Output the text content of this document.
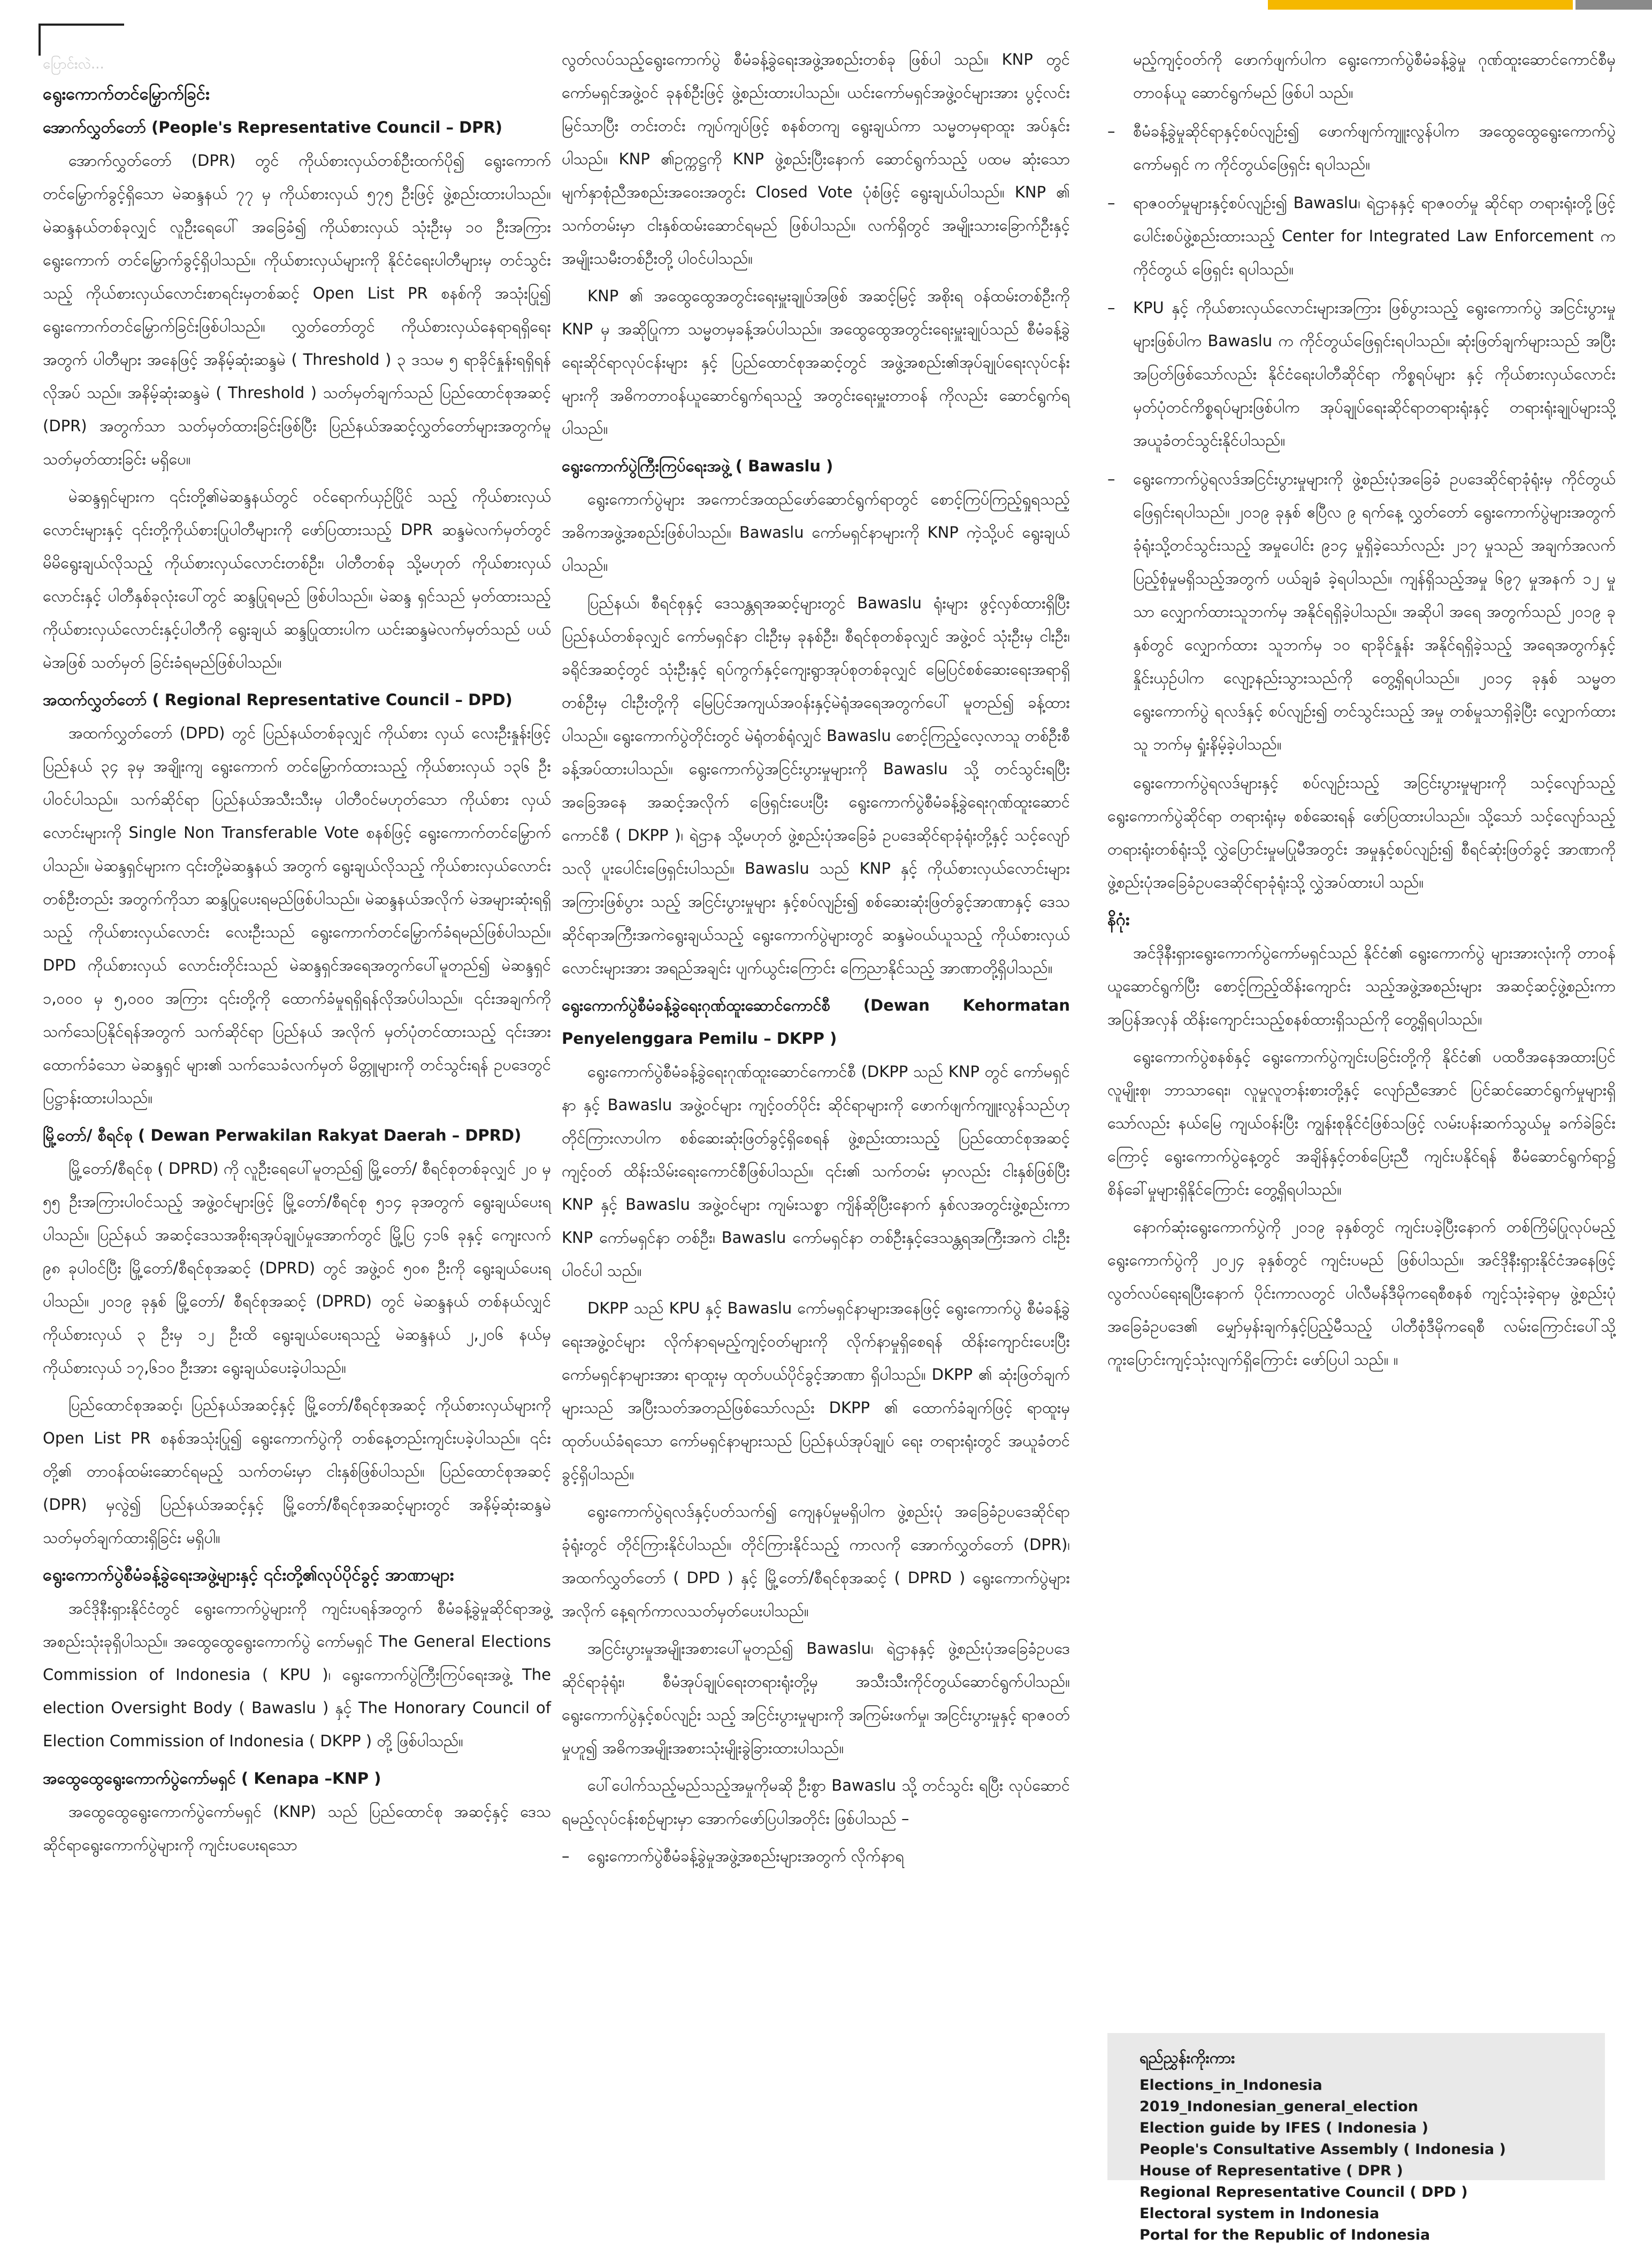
ပြောင်းလဲ...
ရွေးကောက်တင်မြှောက်ခြင်း
အောက်လွှတ်တော် (People's Representative Council – DPR)

အောက်လွှတ်တော် (DPR) တွင် ကိုယ်စားလှယ်တစ်ဦးထက်ပို၍ ရွေးကောက် တင်မြှောက်ခွင့်ရှိသော မဲဆန္ဒနယ် ၇၇ မှ ကိုယ်စားလှယ် ၅၇၅ ဦးဖြင့် ဖွဲ့စည်းထားပါသည်။ မဲဆန္ဒနယ်တစ်ခုလျှင် လူဦးရေပေါ် အခြေခံ၍ ကိုယ်စားလှယ် သုံးဦးမှ ၁၀ ဦးအကြား ရွေးကောက် တင်မြှောက်ခွင့်ရှိပါသည်။ ကိုယ်စားလှယ်များကို နိုင်ငံရေးပါတီများမှ တင်သွင်းသည့် ကိုယ်စားလှယ်လောင်းစာရင်းမှတစ်ဆင့် Open List PR စနစ်ကို အသုံးပြု၍ ရွေးကောက်တင်မြှောက်ခြင်းဖြစ်ပါသည်။ လွှတ်တော်တွင် ကိုယ်စားလှယ်နေရာရရှိရေးအတွက် ပါတီများ အနေဖြင့် အနိမ့်ဆုံးဆန္ဒမဲ ( Threshold ) ၃ ဒသမ ၅ ရာခိုင်နှုန်းရရှိရန် လိုအပ် သည်။ အနိမ့်ဆုံးဆန္ဒမဲ ( Threshold ) သတ်မှတ်ချက်သည် ပြည်ထောင်စုအဆင့် (DPR) အတွက်သာ သတ်မှတ်ထားခြင်းဖြစ်ပြီး ပြည်နယ်အဆင့်လွှတ်တော်များအတွက်မူ သတ်မှတ်ထားခြင်း မရှိပေ။

မဲဆန္ဒရှင်များက ၎င်းတို့၏မဲဆန္ဒနယ်တွင် ဝင်ရောက်ယှဉ်ပြိုင် သည့် ကိုယ်စားလှယ်လောင်းများနှင့် ၎င်းတို့ကိုယ်စားပြုပါတီများကို ဖော်ပြထားသည့် DPR ဆန္ဒမဲလက်မှတ်တွင် မိမိရွေးချယ်လိုသည့် ကိုယ်စားလှယ်လောင်းတစ်ဦး၊ ပါတီတစ်ခု သို့မဟုတ် ကိုယ်စားလှယ် လောင်းနှင့် ပါတီနှစ်ခုလုံးပေါ်တွင် ဆန္ဒပြုရမည် ဖြစ်ပါသည်။ မဲဆန္ဒ ရှင်သည် မှတ်ထားသည့် ကိုယ်စားလှယ်လောင်းနှင့်ပါတီကို ရွေးချယ် ဆန္ဒပြုထားပါက ယင်းဆန္ဒမဲလက်မှတ်သည် ပယ်မဲအဖြစ် သတ်မှတ် ခြင်းခံရမည်ဖြစ်ပါသည်။

အထက်လွှတ်တော် ( Regional Representative Council – DPD)

အထက်လွှတ်တော် (DPD) တွင် ပြည်နယ်တစ်ခုလျှင် ကိုယ်စား လှယ် လေးဦးနှုန်းဖြင့် ပြည်နယ် ၃၄ ခုမှ အချိုးကျ ရွေးကောက် တင်မြှောက်ထားသည့် ကိုယ်စားလှယ် ၁၃၆ ဦး ပါဝင်ပါသည်။ သက်ဆိုင်ရာ ပြည်နယ်အသီးသီးမှ ပါတီဝင်မဟုတ်သော ကိုယ်စား လှယ်လောင်းများကို Single Non Transferable Vote စနစ်ဖြင့် ရွေးကောက်တင်မြှောက်ပါသည်။ မဲဆန္ဒရှင်များက ၎င်းတို့မဲဆန္ဒနယ် အတွက် ရွေးချယ်လိုသည့် ကိုယ်စားလှယ်လောင်းတစ်ဦးတည်း အတွက်ကိုသာ ဆန္ဒပြုပေးရမည်ဖြစ်ပါသည်။ မဲဆန္ဒနယ်အလိုက် မဲအများဆုံးရရှိသည့် ကိုယ်စားလှယ်လောင်း လေးဦးသည် ရွေးကောက်တင်မြှောက်ခံရမည်ဖြစ်ပါသည်။ DPD ကိုယ်စားလှယ် လောင်းတိုင်းသည် မဲဆန္ဒရှင်အရေအတွက်ပေါ်မူတည်၍ မဲဆန္ဒရှင် ၁,၀၀၀ မှ ၅,၀၀၀ အကြား ၎င်းတို့ကို ထောက်ခံမှုရရှိရန်လိုအပ်ပါသည်။ ၎င်းအချက်ကို သက်သေပြနိုင်ရန်အတွက် သက်ဆိုင်ရာ ပြည်နယ် အလိုက် မှတ်ပုံတင်ထားသည့် ၎င်းအားထောက်ခံသော မဲဆန္ဒရှင် များ၏ သက်သေခံလက်မှတ် မိတ္တူများကို တင်သွင်းရန် ဥပဒေတွင် ပြဋ္ဌာန်းထားပါသည်။

မြို့တော်/ စီရင်စု ( Dewan Perwakilan Rakyat Daerah – DPRD)

မြို့တော်/စီရင်စု ( DPRD) ကို လူဦးရေပေါ်မူတည်၍ မြို့တော်/ စီရင်စုတစ်ခုလျှင် ၂၀ မှ ၅၅ ဦးအကြားပါဝင်သည့် အဖွဲ့ဝင်များဖြင့် မြို့တော်/စီရင်စု ၅၁၄ ခုအတွက် ရွေးချယ်ပေးရပါသည်။ ပြည်နယ် အဆင့်ဒေသအစိုးရအုပ်ချုပ်မှုအောက်တွင် မြို့ပြ ၄၁၆ ခုနှင့် ကျေးလက် ၉၈ ခုပါဝင်ပြီး မြို့တော်/စီရင်စုအဆင့် (DPRD) တွင် အဖွဲ့ဝင် ၅၀၈ ဦးကို ရွေးချယ်ပေးရပါသည်။ ၂၀၁၉ ခုနှစ် မြို့တော်/ စီရင်စုအဆင့် (DPRD) တွင် မဲဆန္ဒနယ် တစ်နယ်လျှင် ကိုယ်စားလှယ် ၃ ဦးမှ ၁၂ ဦးထိ ရွေးချယ်ပေးရသည့် မဲဆန္ဒနယ် ၂,၂၀၆ နယ်မှ ကိုယ်စားလှယ် ၁၇,၆၁၀ ဦးအား ရွေးချယ်ပေးခဲ့ပါသည်။

ပြည်ထောင်စုအဆင့်၊ ပြည်နယ်အဆင့်နှင့် မြို့တော်/စီရင်စုအဆင့် ကိုယ်စားလှယ်များကို Open List PR စနစ်အသုံးပြု၍ ရွေးကောက်ပွဲကို တစ်နေ့တည်းကျင်းပခဲ့ပါသည်။ ၎င်းတို့၏ တာဝန်ထမ်းဆောင်ရမည့် သက်တမ်းမှာ ငါးနှစ်ဖြစ်ပါသည်။ ပြည်ထောင်စုအဆင့် (DPR) မှလွဲ၍ ပြည်နယ်အဆင့်နှင့် မြို့တော်/စီရင်စုအဆင့်များတွင် အနိမ့်ဆုံးဆန္ဒမဲ သတ်မှတ်ချက်ထားရှိခြင်း မရှိပါ။

ရွေးကောက်ပွဲစီမံခန့်ခွဲရေးအဖွဲ့များနှင့် ၎င်းတို့၏လုပ်ပိုင်ခွင့် အာဏာများ

အင်ဒိုနီးရှားနိုင်ငံတွင် ရွေးကောက်ပွဲများကို ကျင်းပရန်အတွက် စီမံခန့်ခွဲမှုဆိုင်ရာအဖွဲ့အစည်းသုံးခုရှိပါသည်။ အထွေထွေရွေးကောက်ပွဲ ကော်မရှင် The General Elections Commission of Indonesia ( KPU )၊ ရွေးကောက်ပွဲကြီးကြပ်ရေးအဖွဲ့ The election Oversight Body ( Bawaslu ) နှင့် The Honorary Council of Election Commission of Indonesia ( DKPP ) တို့ ဖြစ်ပါသည်။

အထွေထွေရွေးကောက်ပွဲကော်မရှင် ( Kenapa –KNP )

အထွေထွေရွေးကောက်ပွဲကော်မရှင် (KNP) သည် ပြည်ထောင်စု အဆင့်နှင့် ဒေသဆိုင်ရာရွေးကောက်ပွဲများကို ကျင်းပပေးရသော

လွတ်လပ်သည့်ရွေးကောက်ပွဲ စီမံခန့်ခွဲရေးအဖွဲ့အစည်းတစ်ခု ဖြစ်ပါ သည်။ KNP တွင် ကော်မရှင်အဖွဲ့ဝင် ခုနစ်ဦးဖြင့် ဖွဲ့စည်းထားပါသည်။ ယင်းကော်မရှင်အဖွဲ့ဝင်များအား ပွင့်လင်းမြင်သာပြီး တင်းတင်း ကျပ်ကျပ်ဖြင့် စနစ်တကျ ရွေးချယ်ကာ သမ္မတမှရာထူး အပ်နှင်းပါသည်။ KNP ၏ဥက္ကဋ္ဌကို KNP ဖွဲ့စည်းပြီးနောက် ဆောင်ရွက်သည့် ပထမ ဆုံးသော မျက်နှာစုံညီအစည်းအဝေးအတွင်း Closed Vote ပုံစံဖြင့် ရွေးချယ်ပါသည်။ KNP ၏ သက်တမ်းမှာ ငါးနှစ်ထမ်းဆောင်ရမည် ဖြစ်ပါသည်။ လက်ရှိတွင် အမျိုးသားခြောက်ဦးနှင့် အမျိုးသမီးတစ်ဦးတို့ ပါဝင်ပါသည်။

KNP ၏ အထွေထွေအတွင်းရေးမှူးချုပ်အဖြစ် အဆင့်မြင့် အစိုးရ ဝန်ထမ်းတစ်ဦးကို KNP မှ အဆိုပြုကာ သမ္မတမှခန့်အပ်ပါသည်။ အထွေထွေအတွင်းရေးမှူးချုပ်သည် စီမံခန့်ခွဲရေးဆိုင်ရာလုပ်ငန်းများ နှင့် ပြည်ထောင်စုအဆင့်တွင် အဖွဲ့အစည်း၏အုပ်ချုပ်ရေးလုပ်ငန်း များကို အဓိကတာဝန်ယူဆောင်ရွက်ရသည့် အတွင်းရေးမှူးတာဝန် ကိုလည်း ဆောင်ရွက်ရပါသည်။

ရွေးကောက်ပွဲကြီးကြပ်ရေးအဖွဲ့ ( Bawaslu )

ရွေးကောက်ပွဲများ အကောင်အထည်ဖော်ဆောင်ရွက်ရာတွင် စောင့်ကြပ်ကြည့်ရှုရသည့် အဓိကအဖွဲ့အစည်းဖြစ်ပါသည်။ Bawaslu ကော်မရှင်နာများကို KNP ကဲ့သို့ပင် ရွေးချယ်ပါသည်။

ပြည်နယ်၊ စီရင်စုနှင့် ဒေသန္တရအဆင့်များတွင် Bawaslu ရုံးများ ဖွင့်လှစ်ထားရှိပြီး ပြည်နယ်တစ်ခုလျှင် ကော်မရှင်နာ ငါးဦးမှ ခုနစ်ဦး၊ စီရင်စုတစ်ခုလျှင် အဖွဲ့ဝင် သုံးဦးမှ ငါးဦး၊ ခရိုင်အဆင့်တွင် သုံးဦးနှင့် ရပ်ကွက်နှင့်ကျေးရွာအုပ်စုတစ်ခုလျှင် မြေပြင်စစ်ဆေးရေးအရာရှိ တစ်ဦးမှ ငါးဦးတို့ကို မြေပြင်အကျယ်အဝန်းနှင့်မဲရုံအရေအတွက်ပေါ် မူတည်၍ ခန့်ထားပါသည်။ ရွေးကောက်ပွဲတိုင်းတွင် မဲရုံတစ်ရုံလျှင် Bawaslu စောင့်ကြည့်လေ့လာသူ တစ်ဦးစီ ခန့်အပ်ထားပါသည်။ ရွေးကောက်ပွဲအငြင်းပွားမှုများကို Bawaslu သို့ တင်သွင်းရပြီး အခြေအနေ အဆင့်အလိုက် ဖြေရှင်းပေးပြီး ရွေးကောက်ပွဲစီမံခန့်ခွဲရေးဂုဏ်ထူးဆောင် ကောင်စီ ( DKPP )၊ ရဲဌာန သို့မဟုတ် ဖွဲ့စည်းပုံအခြေခံ ဥပဒေဆိုင်ရာခုံရုံးတို့နှင့် သင့်လျော်သလို ပူးပေါင်းဖြေရှင်းပါသည်။ Bawaslu သည် KNP နှင့် ကိုယ်စားလှယ်လောင်းများအကြားဖြစ်ပွား သည့် အငြင်းပွားမှုများ နှင့်စပ်လျဉ်း၍ စစ်ဆေးဆုံးဖြတ်ခွင့်အာဏာနှင့် ဒေသဆိုင်ရာအကြီးအကဲရွေးချယ်သည့် ရွေးကောက်ပွဲများတွင် ဆန္ဒမဲဝယ်ယူသည့် ကိုယ်စားလှယ်လောင်းများအား အရည်အချင်း ပျက်ယွင်းကြောင်း ကြေညာနိုင်သည့် အာဏာတို့ရှိပါသည်။

ရွေးကောက်ပွဲစီမံခန့်ခွဲရေးဂုဏ်ထူးဆောင်ကောင်စီ (Dewan Kehormatan Penyelenggara Pemilu – DKPP )

ရွေးကောက်ပွဲစီမံခန့်ခွဲရေးဂုဏ်ထူးဆောင်ကောင်စီ (DKPP သည် KNP တွင် ကော်မရှင်နာ နှင့် Bawaslu အဖွဲ့ဝင်များ ကျင့်ဝတ်ပိုင်း ဆိုင်ရာများကို ဖောက်ဖျက်ကျူးလွန်သည်ဟု တိုင်ကြားလာပါက စစ်ဆေးဆုံးဖြတ်ခွင့်ရှိစေရန် ဖွဲ့စည်းထားသည့် ပြည်ထောင်စုအဆင့် ကျင့်ဝတ် ထိန်းသိမ်းရေးကောင်စီဖြစ်ပါသည်။ ၎င်း၏ သက်တမ်း မှာလည်း ငါးနှစ်ဖြစ်ပြီး KNP နှင့် Bawaslu အဖွဲ့ဝင်များ ကျမ်းသစ္စာ ကျိန်ဆိုပြီးနောက် နှစ်လအတွင်းဖွဲ့စည်းကာ KNP ကော်မရှင်နာ တစ်ဦး၊ Bawaslu ကော်မရှင်နာ တစ်ဦးနှင့်ဒေသန္တရအကြီးအကဲ ငါးဦး ပါဝင်ပါ သည်။

DKPP သည် KPU နှင့် Bawaslu ကော်မရှင်နာများအနေဖြင့် ရွေးကောက်ပွဲ စီမံခန့်ခွဲရေးအဖွဲ့ဝင်များ လိုက်နာရမည့်ကျင့်ဝတ်များကို လိုက်နာမှုရှိစေရန် ထိန်းကျောင်းပေးပြီး ကော်မရှင်နာများအား ရာထူးမှ ထုတ်ပယ်ပိုင်ခွင့်အာဏာ ရှိပါသည်။ DKPP ၏ ဆုံးဖြတ်ချက်များသည် အပြီးသတ်အတည်ဖြစ်သော်လည်း DKPP ၏ ထောက်ခံချက်ဖြင့် ရာထူးမှထုတ်ပယ်ခံရသော ကော်မရှင်နာများသည် ပြည်နယ်အုပ်ချုပ် ရေး တရားရုံးတွင် အယူခံတင်ခွင့်ရှိပါသည်။

ရွေးကောက်ပွဲရလဒ်နှင့်ပတ်သက်၍ ကျေနပ်မှုမရှိပါက ဖွဲ့စည်းပုံ အခြေခံဥပဒေဆိုင်ရာ ခုံရုံးတွင် တိုင်ကြားနိုင်ပါသည်။ တိုင်ကြားနိုင်သည့် ကာလကို အောက်လွှတ်တော် (DPR)၊ အထက်လွှတ်တော် ( DPD ) နှင့် မြို့တော်/စီရင်စုအဆင့် ( DPRD ) ရွေးကောက်ပွဲများ အလိုက် နေ့ရက်ကာလသတ်မှတ်ပေးပါသည်။

အငြင်းပွားမှုအမျိုးအစားပေါ်မူတည်၍ Bawaslu၊ ရဲဌာနနှင့် ဖွဲ့စည်းပုံအခြေခံဥပဒေဆိုင်ရာခုံရုံး၊ စီမံအုပ်ချုပ်ရေးတရားရုံးတို့မှ အသီးသီးကိုင်တွယ်ဆောင်ရွက်ပါသည်။ ရွေးကောက်ပွဲနှင့်စပ်လျဉ်း သည့် အငြင်းပွားမှုများကို အကြမ်းဖက်မှု၊ အငြင်းပွားမှုနှင့် ရာဇဝတ် မှုဟူ၍ အဓိကအမျိုးအစားသုံးမျိုးခွဲခြားထားပါသည်။

ပေါ်ပေါက်သည့်မည်သည့်အမှုကိုမဆို ဦးစွာ Bawaslu သို့ တင်သွင်း ရပြီး လုပ်ဆောင်ရမည့်လုပ်ငန်းစဉ်များမှာ အောက်ဖော်ပြပါအတိုင်း ဖြစ်ပါသည် –

–	ရွေးကောက်ပွဲစီမံခန့်ခွဲမှုအဖွဲ့အစည်းများအတွက် လိုက်နာရ
မည့်ကျင့်ဝတ်ကို ဖောက်ဖျက်ပါက ရွေးကောက်ပွဲစီမံခန့်ခွဲမှု ဂုဏ်ထူးဆောင်ကောင်စီမှ တာဝန်ယူ ဆောင်ရွက်မည် ဖြစ်ပါ သည်။
–	စီမံခန့်ခွဲမှုဆိုင်ရာနှင့်စပ်လျဉ်း၍ ဖောက်ဖျက်ကျူးလွန်ပါက အထွေထွေရွေးကောက်ပွဲကော်မရှင် က ကိုင်တွယ်ဖြေရှင်း ရပါသည်။
–	ရာဇဝတ်မှုများနှင့်စပ်လျဉ်း၍ Bawaslu၊ ရဲဌာနနှင့် ရာဇဝတ်မှု ဆိုင်ရာ တရားရုံးတို့ဖြင့် ပေါင်းစပ်ဖွဲ့စည်းထားသည့် Center for Integrated Law Enforcement က ကိုင်တွယ် ဖြေရှင်း ရပါသည်။
–	KPU နှင့် ကိုယ်စားလှယ်လောင်းများအကြား ဖြစ်ပွားသည့် ရွေးကောက်ပွဲ အငြင်းပွားမှုများဖြစ်ပါက Bawaslu က ကိုင်တွယ်ဖြေရှင်းရပါသည်။ ဆုံးဖြတ်ချက်များသည် အပြီး အပြတ်ဖြစ်သော်လည်း နိုင်ငံရေးပါတီဆိုင်ရာ ကိစ္စရပ်များ နှင့် ကိုယ်စားလှယ်လောင်း မှတ်ပုံတင်ကိစ္စရပ်များဖြစ်ပါက အုပ်ချုပ်ရေးဆိုင်ရာတရားရုံးနှင့် တရားရုံးချုပ်များသို့ အယူခံတင်သွင်းနိုင်ပါသည်။
–	ရွေးကောက်ပွဲရလဒ်အငြင်းပွားမှုများကို ဖွဲ့စည်းပုံအခြေခံ ဥပဒေဆိုင်ရာခုံရုံးမှ ကိုင်တွယ်ဖြေရှင်းရပါသည်။ ၂၀၁၉ ခုနှစ် ဧပြီလ ၉ ရက်နေ့ လွှတ်တော် ရွေးကောက်ပွဲများအတွက် ခုံရုံးသို့တင်သွင်းသည့် အမှုပေါင်း ၉၁၄ မှုရှိခဲ့သော်လည်း ၂၁၇ မှုသည် အချက်အလက်ပြည့်စုံမှုမရှိသည့်အတွက် ပယ်ချခံ ခဲ့ရပါသည်။ ကျန်ရှိသည့်အမှု ၆၉၇ မှုအနက် ၁၂ မှုသာ လျှောက်ထားသူဘက်မှ အနိုင်ရရှိခဲ့ပါသည်။ အဆိုပါ အရေ အတွက်သည် ၂၀၁၉ ခုနှစ်တွင် လျှောက်ထား သူဘက်မှ ၁၀ ရာခိုင်နှုန်း အနိုင်ရရှိခဲ့သည့် အရေအတွက်နှင့် နှိုင်းယှဉ်ပါက လျော့နည်းသွားသည်ကို တွေ့ရှိရပါသည်။ ၂၀၁၄ ခုနှစ် သမ္မတ ရွေးကောက်ပွဲ ရလဒ်နှင့် စပ်လျဉ်း၍ တင်သွင်းသည့် အမှု တစ်မှုသာရှိခဲ့ပြီး လျှောက်ထားသူ ဘက်မှ ရှုံးနိမ့်ခဲ့ပါသည်။

ရွေးကောက်ပွဲရလဒ်များနှင့် စပ်လျဉ်းသည့် အငြင်းပွားမှုများကို သင့်လျော်သည့် ရွေးကောက်ပွဲဆိုင်ရာ တရားရုံးမှ စစ်ဆေးရန် ဖော်ပြထားပါသည်။ သို့သော် သင့်လျော်သည့် တရားရုံးတစ်ရုံးသို့ လွှဲပြောင်းမှုမပြုမီအတွင်း အမှုနှင့်စပ်လျဉ်း၍ စီရင်ဆုံးဖြတ်ခွင့် အာဏာကို ဖွဲ့စည်းပုံအခြေခံဥပဒေဆိုင်ရာခုံရုံးသို့ လွှဲအပ်ထားပါ သည်။

နိဂုံး

အင်ဒိုနီးရှားရွေးကောက်ပွဲကော်မရှင်သည် နိုင်ငံ၏ ရွေးကောက်ပွဲ များအားလုံးကို တာဝန်ယူဆောင်ရွက်ပြီး စောင့်ကြည့်ထိန်းကျောင်း သည့်အဖွဲ့အစည်းများ အဆင့်ဆင့်ဖွဲ့စည်းကာ အပြန်အလှန် ထိန်းကျောင်းသည့်စနစ်ထားရှိသည်ကို တွေ့ရှိရပါသည်။

ရွေးကောက်ပွဲစနစ်နှင့် ရွေးကောက်ပွဲကျင်းပခြင်းတို့ကို နိုင်ငံ၏ ပထဝီအနေအထားပြင် လူမျိုးစု၊ ဘာသာရေး၊ လူမှုလူတန်းစားတို့နှင့် လျော်ညီအောင် ပြင်ဆင်ဆောင်ရွက်မှုများရှိသော်လည်း နယ်မြေ ကျယ်ဝန်းပြီး ကျွန်းစုနိုင်ငံဖြစ်သဖြင့် လမ်းပန်းဆက်သွယ်မှု ခက်ခဲခြင်း ကြောင့် ရွေးကောက်ပွဲနေ့တွင် အချိန်နှင့်တစ်ပြေးညီ ကျင်းပနိုင်ရန် စီမံဆောင်ရွက်ရာ၌ စိန်ခေါ်မှုများရှိနိုင်ကြောင်း တွေ့ရှိရပါသည်။

နောက်ဆုံးရွေးကောက်ပွဲကို ၂၀၁၉ ခုနှစ်တွင် ကျင်းပခဲ့ပြီးနောက် တစ်ကြိမ်ပြုလုပ်မည့် ရွေးကောက်ပွဲကို ၂၀၂၄ ခုနှစ်တွင် ကျင်းပမည် ဖြစ်ပါသည်။ အင်ဒိုနီးရှားနိုင်ငံအနေဖြင့် လွတ်လပ်ရေးရပြီးနောက် ပိုင်းကာလတွင် ပါလီမန်ဒီမိုကရေစီစနစ် ကျင့်သုံးခဲ့ရာမှ ဖွဲ့စည်းပုံ အခြေခံဥပဒေ၏ မျှော်မှန်းချက်နှင့်ပြည့်မီသည့် ပါတီစုံဒီမိုကရေစီ လမ်းကြောင်းပေါ်သို့ ကူးပြောင်းကျင့်သုံးလျက်ရှိကြောင်း ဖော်ပြပါ သည်။ ။

ရည်ညွှန်းကိုးကား
Elections_in_Indonesia
2019_Indonesian_general_election
Election guide by IFES ( Indonesia )
People's Consultative Assembly ( Indonesia )
House of Representative ( DPR )
Regional Representative Council ( DPD )
Electoral system in Indonesia
Portal for the Republic of Indonesia
